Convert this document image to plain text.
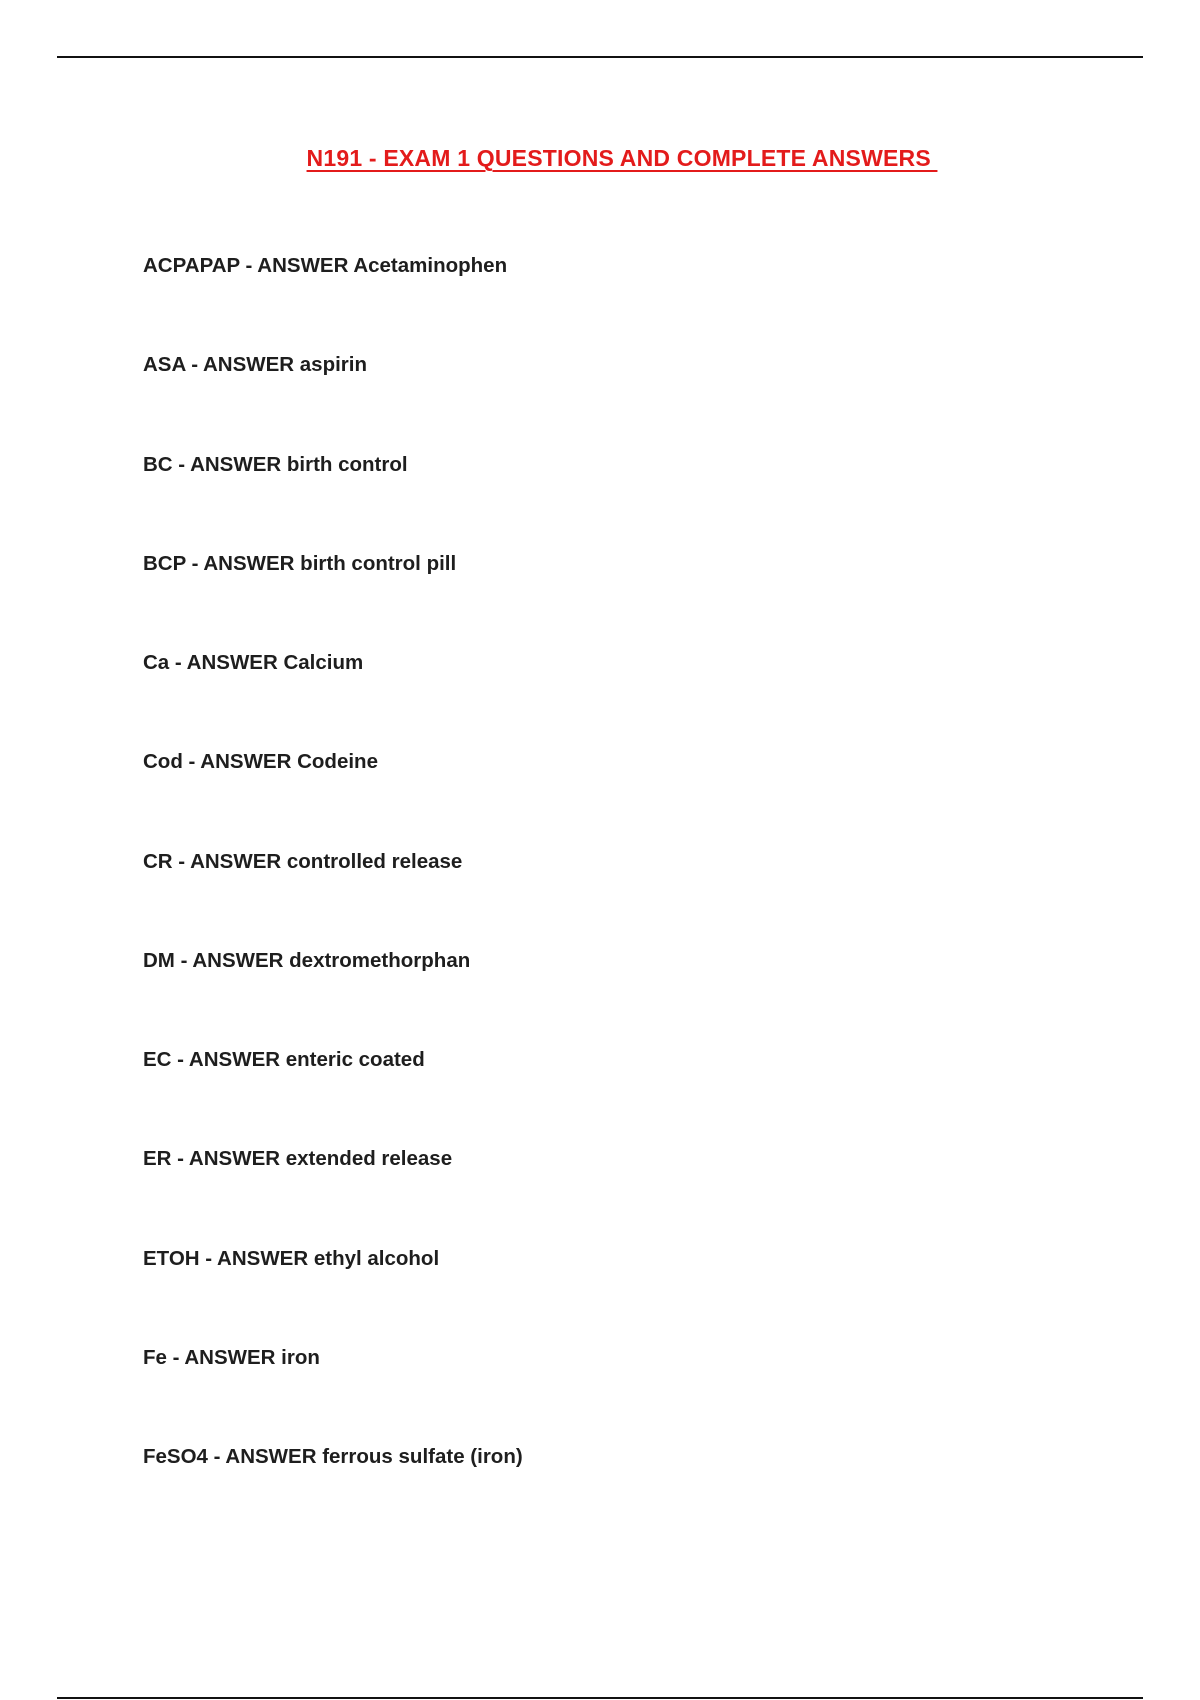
N191 - EXAM 1 QUESTIONS AND COMPLETE ANSWERS
ACPAPAP - ANSWER Acetaminophen
ASA - ANSWER aspirin
BC - ANSWER birth control
BCP - ANSWER birth control pill
Ca - ANSWER Calcium
Cod - ANSWER Codeine
CR - ANSWER controlled release
DM - ANSWER dextromethorphan
EC - ANSWER enteric coated
ER - ANSWER extended release
ETOH - ANSWER ethyl alcohol
Fe - ANSWER iron
FeSO4 - ANSWER ferrous sulfate (iron)
